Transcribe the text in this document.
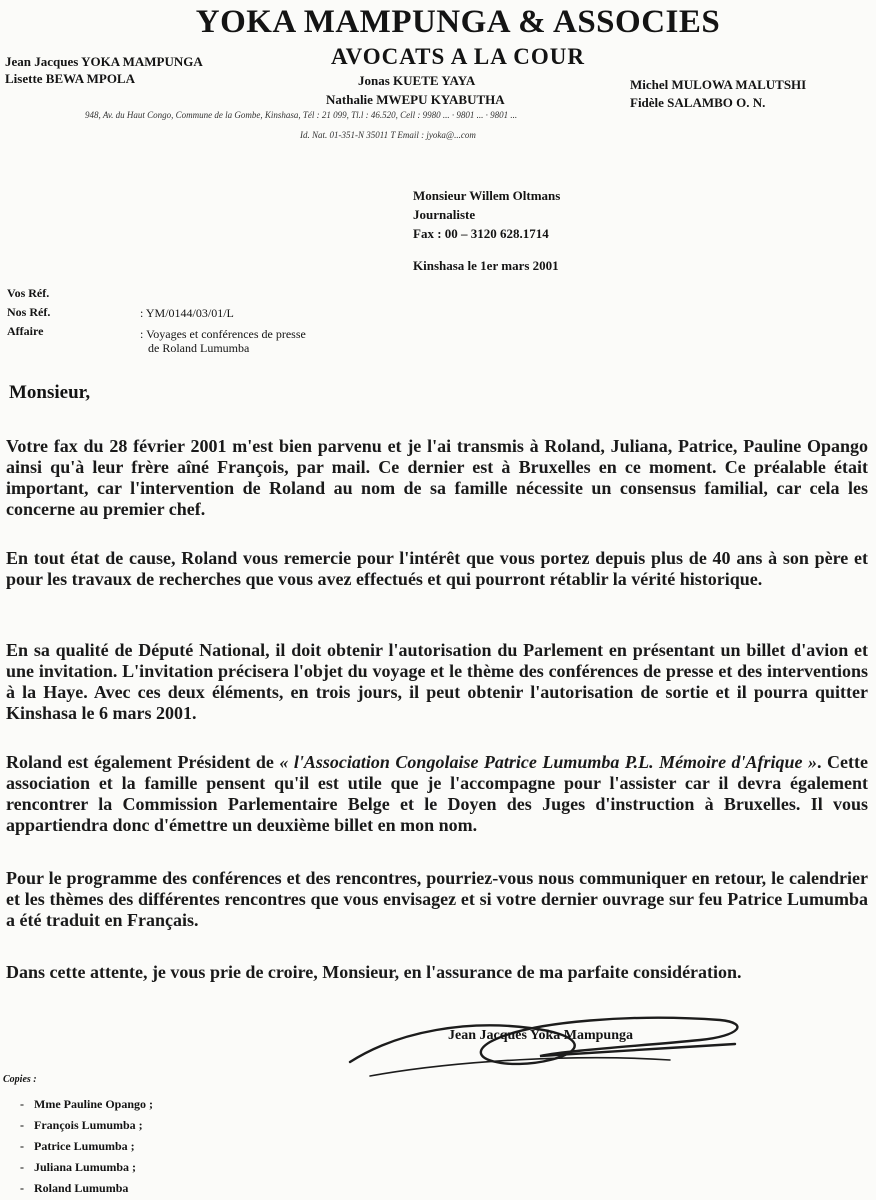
YOKA MAMPUNGA & ASSOCIES
AVOCATS A LA COUR
Jean Jacques YOKA MAMPUNGA
Lisette BEWA MPOLA	Jonas KUETE YAYA
Nathalie MWEPU KYABUTHA
Michel MULOWA MALUTSHI
Fidèle SALAMBO O. N.
948, Av. du Haut Congo, Commune de la Gombe, Kinshasa, Tél : 21 099, Tl.l : 46.520, Cell : 9980 ... · 9801 ... · 9801 ...
Id. Nat. 01-351-N 35011 T Email : jyoka@...com
Monsieur Willem Oltmans
Journaliste
Fax : 00 – 3120 628.1714
Kinshasa le 1er mars 2001
Vos Réf.
Nos Réf.
Affaire
: YM/0144/03/01/L
: Voyages et conférences de presse
de Roland Lumumba
Monsieur,
Votre fax du 28 février 2001 m'est bien parvenu et je l'ai transmis à Roland, Juliana, Patrice, Pauline Opango ainsi qu'à leur frère aîné François, par mail. Ce dernier est à Bruxelles en ce moment. Ce préalable était important, car l'intervention de Roland au nom de sa famille nécessite un consensus familial, car cela les concerne au premier chef.
En tout état de cause, Roland vous remercie pour l'intérêt que vous portez depuis plus de 40 ans à son père et pour les travaux de recherches que vous avez effectués et qui pourront rétablir la vérité historique.
En sa qualité de Député National, il doit obtenir l'autorisation du Parlement en présentant un billet d'avion et une invitation. L'invitation précisera l'objet du voyage et le thème des conférences de presse et des interventions à la Haye. Avec ces deux éléments, en trois jours, il peut obtenir l'autorisation de sortie et il pourra quitter Kinshasa le 6 mars 2001.
Roland est également Président de « l'Association Congolaise Patrice Lumumba P.L. Mémoire d'Afrique ». Cette association et la famille pensent qu'il est utile que je l'accompagne pour l'assister car il devra également rencontrer la Commission Parlementaire Belge et le Doyen des Juges d'instruction à Bruxelles. Il vous appartiendra donc d'émettre un deuxième billet en mon nom.
Pour le programme des conférences et des rencontres, pourriez-vous nous communiquer en retour, le calendrier et les thèmes des différentes rencontres que vous envisagez et si votre dernier ouvrage sur feu Patrice Lumumba a été traduit en Français.
Dans cette attente, je vous prie de croire, Monsieur, en l'assurance de ma parfaite considération.
Jean Jacques Yoka Mampunga
Copies :
- Mme Pauline Opango ;
- François Lumumba ;
- Patrice Lumumba ;
- Juliana Lumumba ;
- Roland Lumumba
